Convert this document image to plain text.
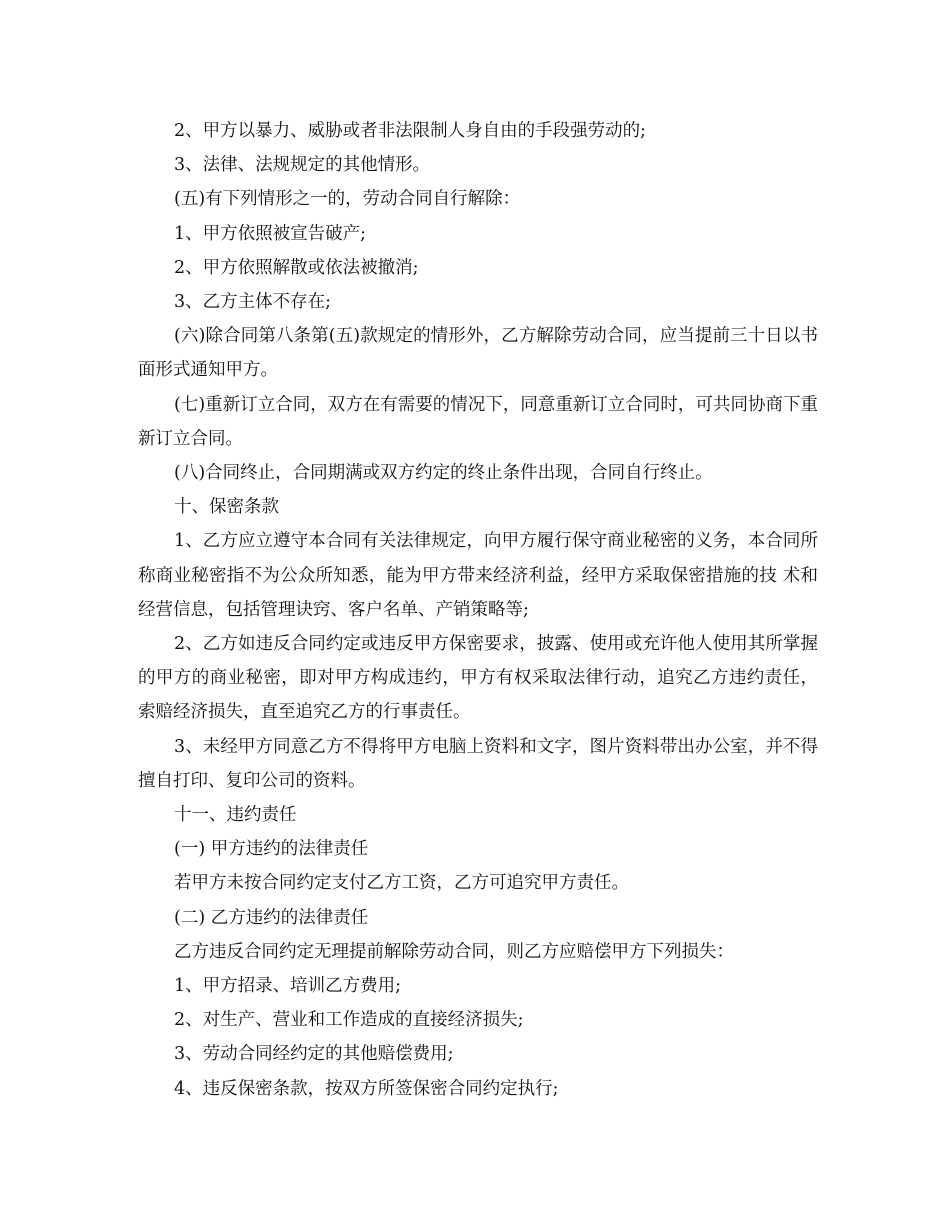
2、甲方以暴力、威胁或者非法限制人身自由的手段强劳动的;

3、法律、法规规定的其他情形。

(五)有下列情形之一的，劳动合同自行解除：

1、甲方依照被宣告破产;

2、甲方依照解散或依法被撤消;

3、乙方主体不存在;

(六)除合同第八条第(五)款规定的情形外，乙方解除劳动合同，应当提前三十日以书面形式通知甲方。

(七)重新订立合同，双方在有需要的情况下，同意重新订立合同时，可共同协商下重新订立合同。

(八)合同终止，合同期满或双方约定的终止条件出现，合同自行终止。

十、保密条款

1、乙方应立遵守本合同有关法律规定，向甲方履行保守商业秘密的义务，本合同所称商业秘密指不为公众所知悉，能为甲方带来经济利益，经甲方采取保密措施的技 术和经营信息，包括管理诀窍、客户名单、产销策略等;

2、乙方如违反合同约定或违反甲方保密要求，披露、使用或充许他人使用其所掌握 的甲方的商业秘密，即对甲方构成违约，甲方有权采取法律行动，追究乙方违约责任，索赔经济损失，直至追究乙方的行事责任。

3、未经甲方同意乙方不得将甲方电脑上资料和文字，图片资料带出办公室，并不得擅自打印、复印公司的资料。

十一、违约责任

(一) 甲方违约的法律责任

若甲方未按合同约定支付乙方工资，乙方可追究甲方责任。

(二) 乙方违约的法律责任

乙方违反合同约定无理提前解除劳动合同，则乙方应赔偿甲方下列损失：

1、甲方招录、培训乙方费用;

2、对生产、营业和工作造成的直接经济损失;

3、劳动合同经约定的其他赔偿费用;

4、违反保密条款，按双方所签保密合同约定执行;
